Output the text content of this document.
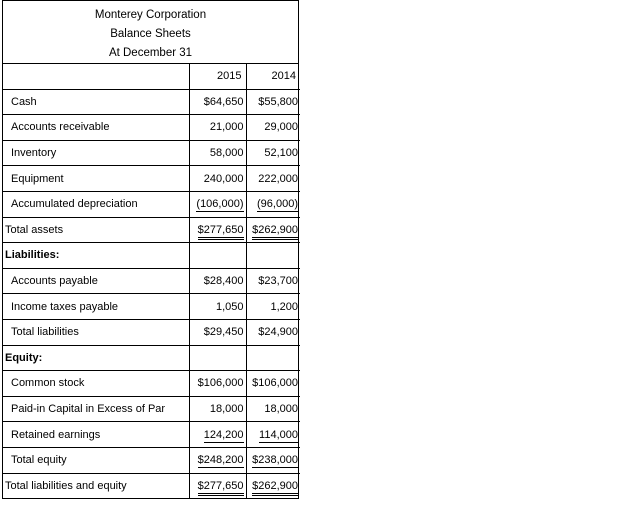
Monterey Corporation
Balance Sheets
At December 31
	2015	2014
Cash	$64,650	$55,800
Accounts receivable	21,000	29,000
Inventory	58,000	52,100
Equipment	240,000	222,000
Accumulated depreciation	(106,000)	(96,000)
Total assets	$277,650	$262,900
Liabilities:		
Accounts payable	$28,400	$23,700
Income taxes payable	1,050	1,200
Total liabilities	$29,450	$24,900
Equity:		
Common stock	$106,000	$106,000
Paid-in Capital in Excess of Par	18,000	18,000
Retained earnings	124,200	114,000
Total equity	$248,200	$238,000
Total liabilities and equity	$277,650	$262,900
